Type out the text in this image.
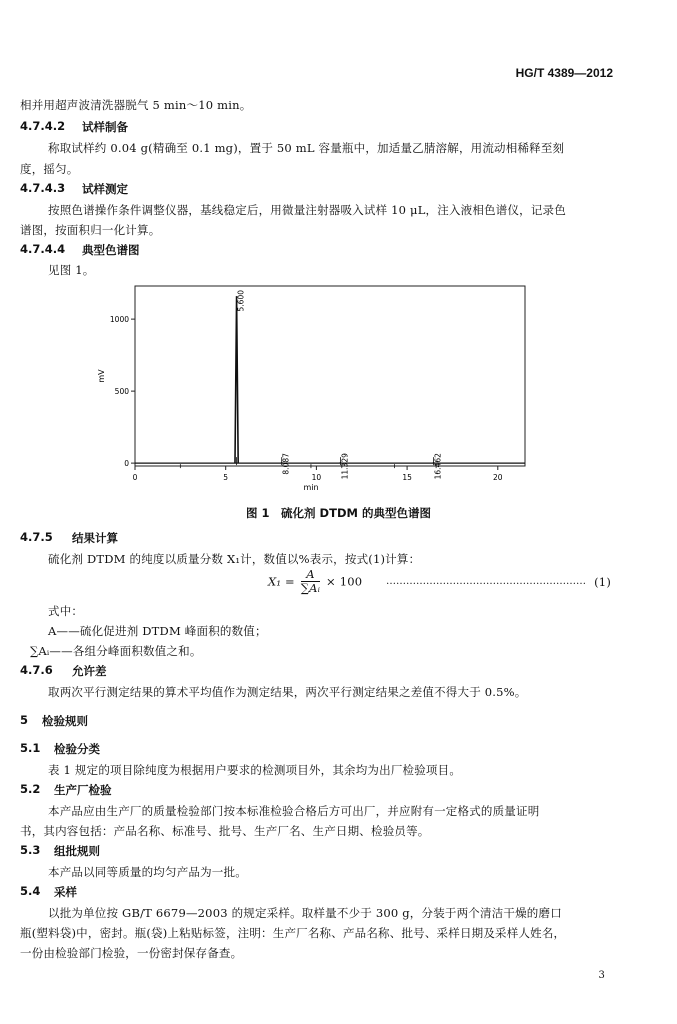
HG/T 4389—2012
相并用超声波清洗器脱气 5 min～10 min。
4.7.4.2 试样制备
称取试样约 0.04 g(精确至 0.1 mg)，置于 50 mL 容量瓶中，加适量乙腈溶解，用流动相稀释至刻
度，摇匀。
4.7.4.3 试样测定
按照色谱操作条件调整仪器，基线稳定后，用微量注射器吸入试样 10 μL，注入液相色谱仪，记录色
谱图，按面积归一化计算。
4.7.4.4 典型色谱图
见图 1。
0
500
1000
0	5	10	15	20
5.600
8.087	11.329	16.462
mV
min
图 1　硫化剂 DTDM 的典型色谱图
4.7.5 结果计算
硫化剂 DTDM 的纯度以质量分数 X₁计，数值以%表示，按式(1)计算：
$X_1 = \frac{A}{\text{∑Aᵢ}} \times 100$ …………………………………………………… (1)
式中：
A——硫化促进剂 DTDM 峰面积的数值；
∑Aᵢ——各组分峰面积数值之和。
4.7.6 允许差
取两次平行测定结果的算术平均值作为测定结果，两次平行测定结果之差值不得大于 0.5%。
5 检验规则
5.1 检验分类
表 1 规定的项目除纯度为根据用户要求的检测项目外，其余均为出厂检验项目。
5.2 生产厂检验
本产品应由生产厂的质量检验部门按本标准检验合格后方可出厂，并应附有一定格式的质量证明
书，其内容包括：产品名称、标准号、批号、生产厂名、生产日期、检验员等。
5.3 组批规则
本产品以同等质量的均匀产品为一批。
5.4 采样
以批为单位按 GB/T 6679—2003 的规定采样。取样量不少于 300 g，分装于两个清洁干燥的磨口
瓶(塑料袋)中，密封。瓶(袋)上粘贴标签，注明：生产厂名称、产品名称、批号、采样日期及采样人姓名，
一份由检验部门检验，一份密封保存备查。
3
